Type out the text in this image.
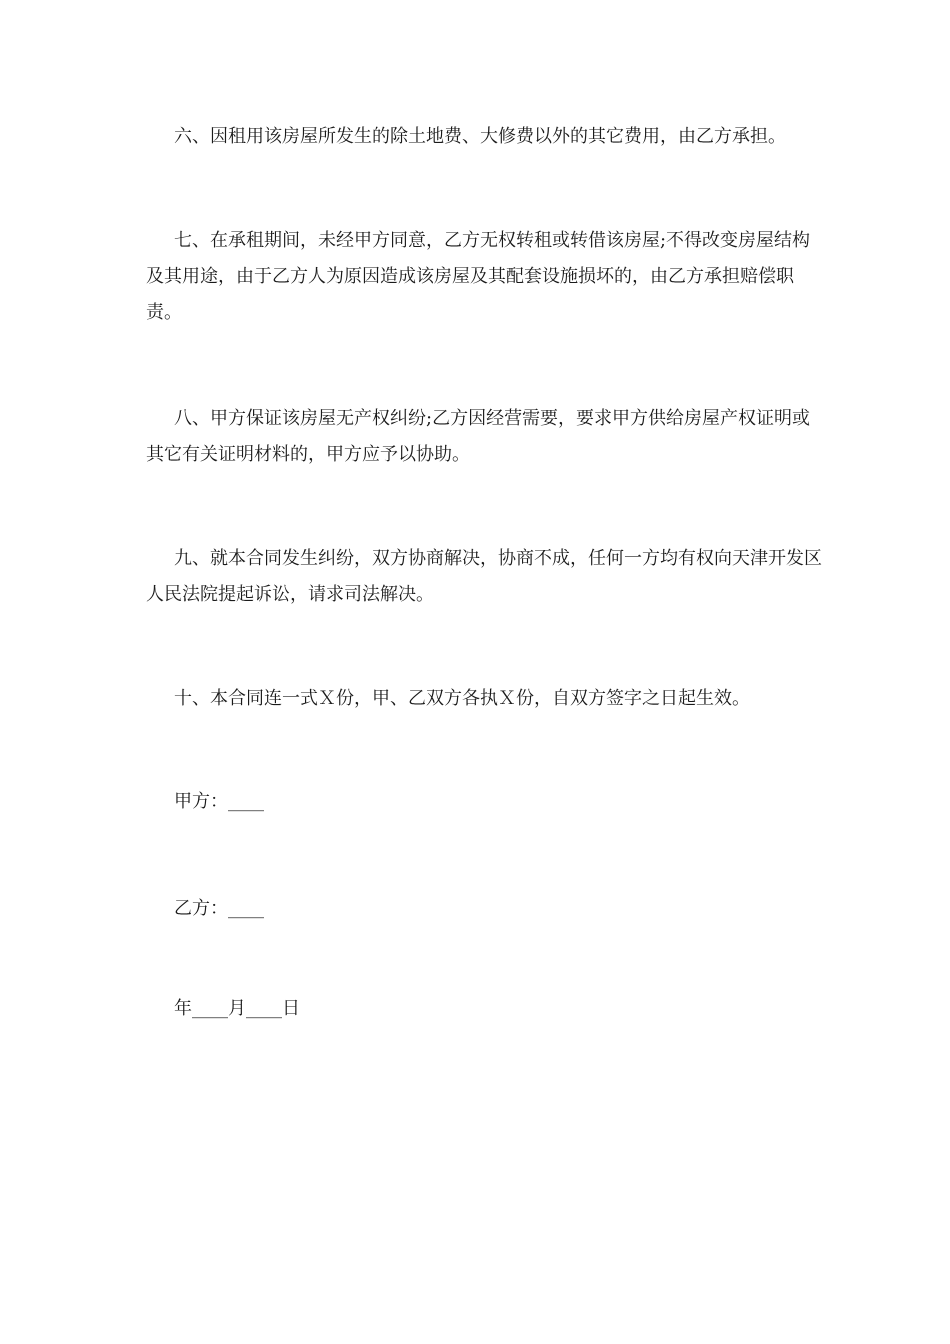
六、因租用该房屋所发生的除土地费、大修费以外的其它费用，由乙方承担。

七、在承租期间，未经甲方同意，乙方无权转租或转借该房屋;不得改变房屋结构及其用途，由于乙方人为原因造成该房屋及其配套设施损坏的，由乙方承担赔偿职责。

八、甲方保证该房屋无产权纠纷;乙方因经营需要，要求甲方供给房屋产权证明或其它有关证明材料的，甲方应予以协助。

九、就本合同发生纠纷，双方协商解决，协商不成，任何一方均有权向天津开发区人民法院提起诉讼，请求司法解决。

十、本合同连一式Ｘ份，甲、乙双方各执Ｘ份，自双方签字之日起生效。

甲方：____

乙方：____

年____月____日
